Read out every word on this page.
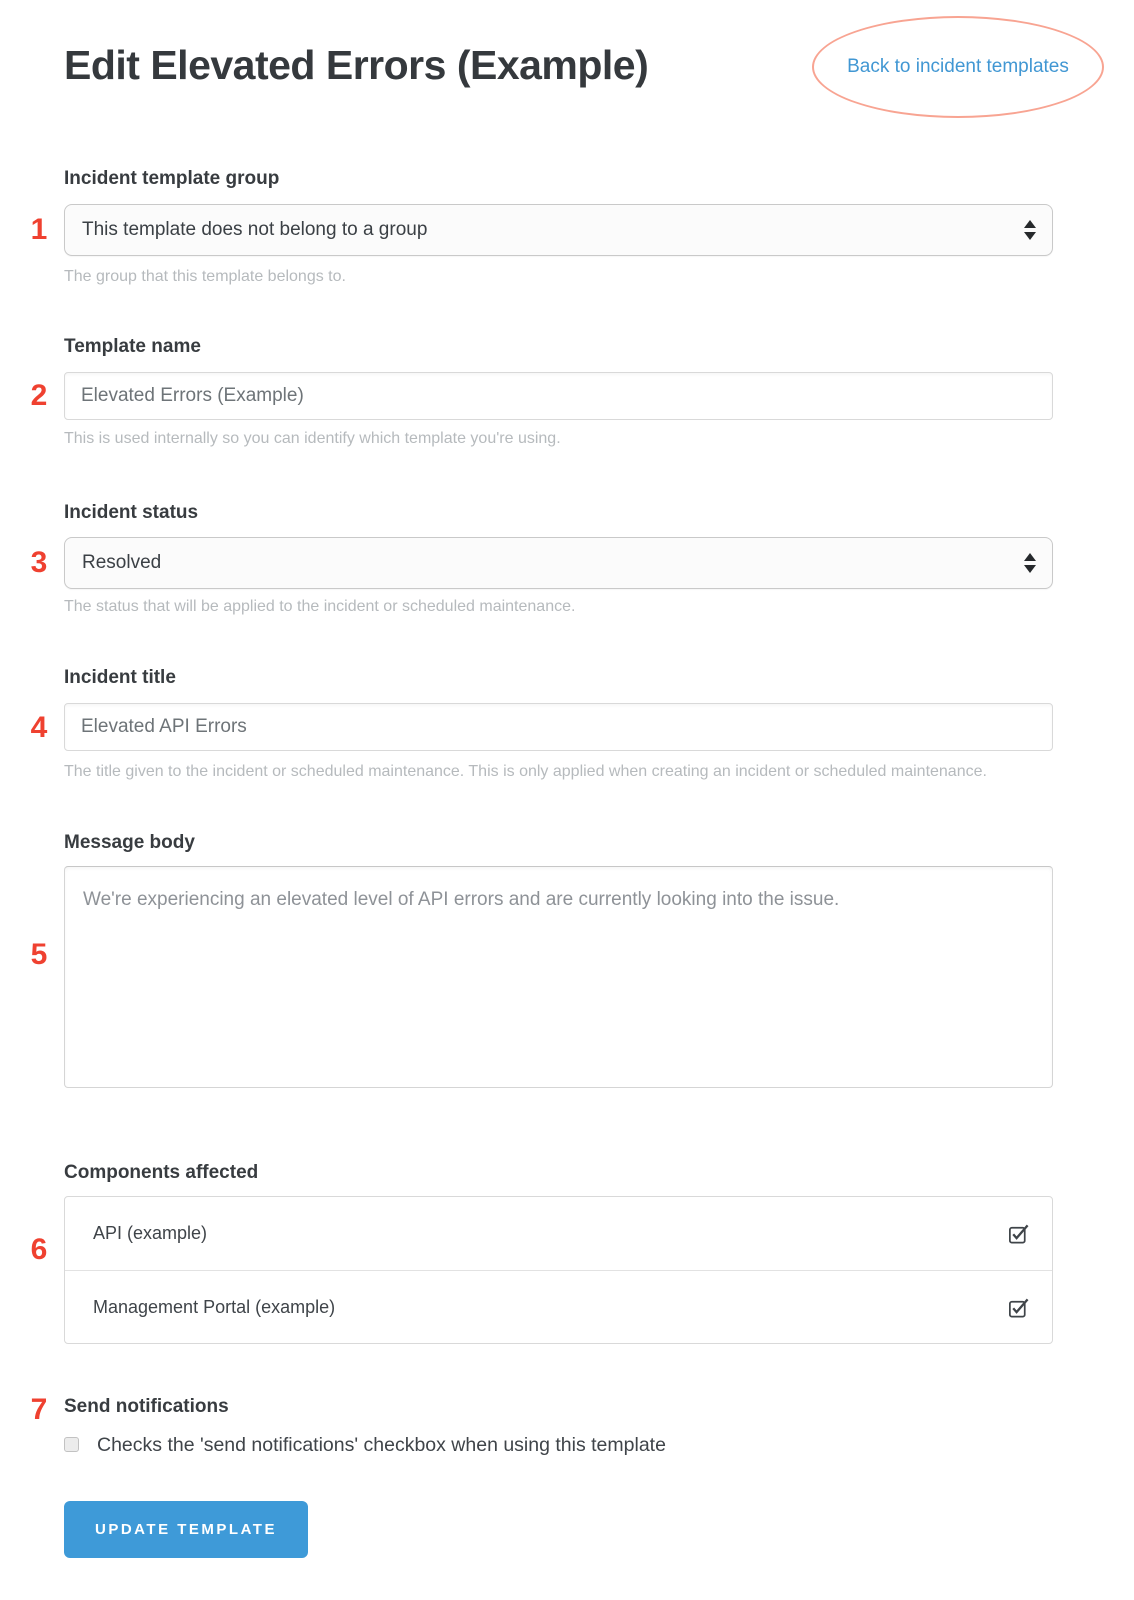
Edit Elevated Errors (Example)	Back to incident templates
1
2
3
4
5
6
7
Incident template group
This template does not belong to a group
The group that this template belongs to.
Template name
Elevated Errors (Example)
This is used internally so you can identify which template you're using.
Incident status
Resolved
The status that will be applied to the incident or scheduled maintenance.
Incident title
Elevated API Errors
The title given to the incident or scheduled maintenance. This is only applied when creating an incident or scheduled maintenance.
Message body
We're experiencing an elevated level of API errors and are currently looking into the issue.
Components affected
API (example)
Management Portal (example)
Send notifications
Checks the 'send notifications' checkbox when using this template
UPDATE TEMPLATE
